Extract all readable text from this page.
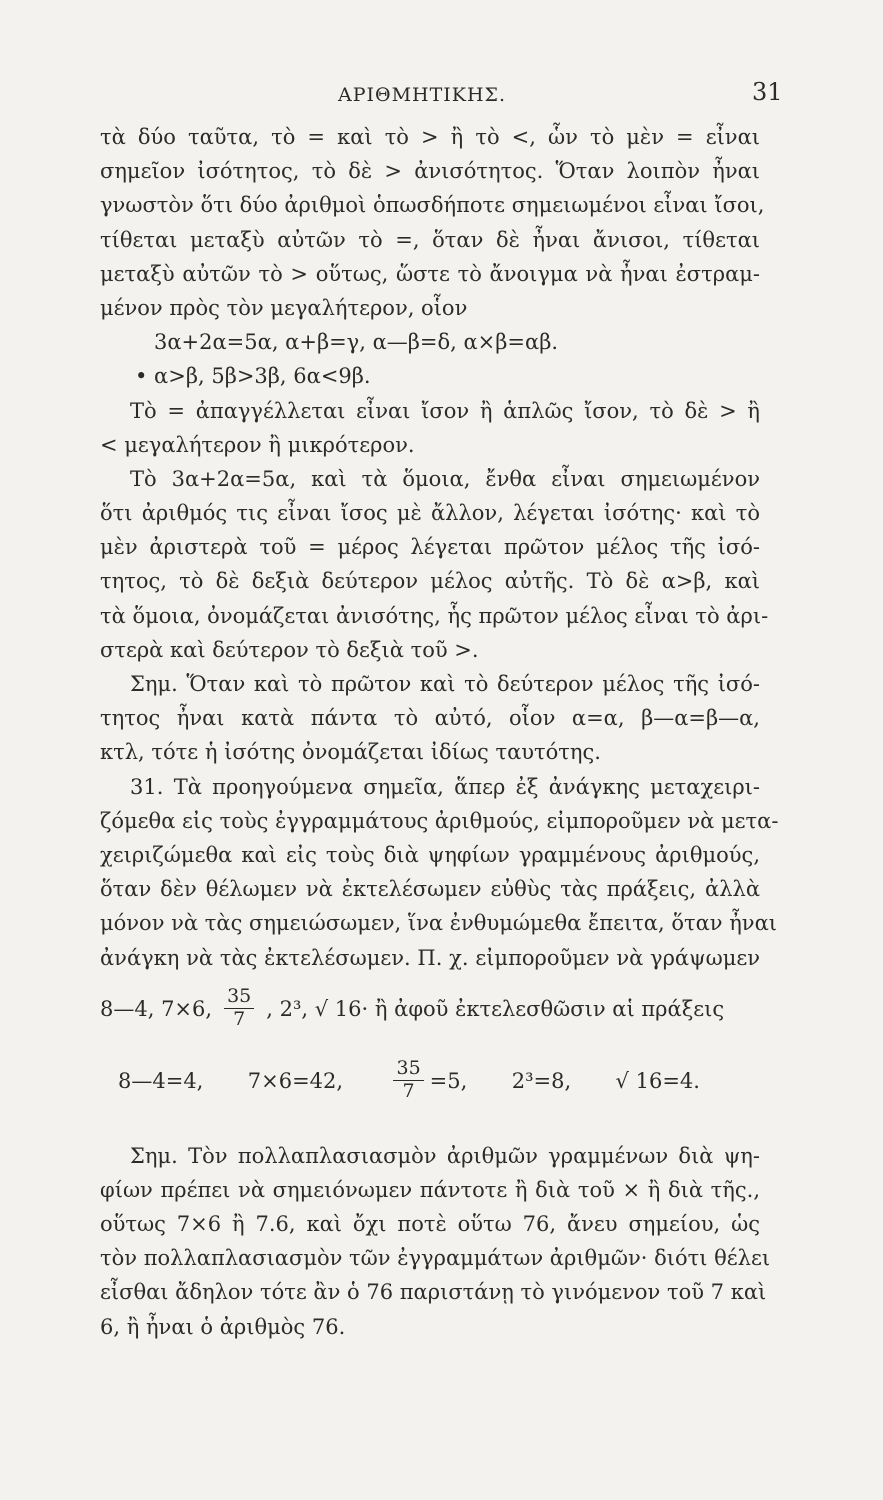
ΑΡΙΘΜΗΤΙΚΗΣ.	31
τὰ δύο ταῦτα, τὸ = καὶ τὸ > ἢ τὸ <, ὧν τὸ μὲν = εἶναι
σημεῖον ἰσότητος, τὸ δὲ > ἀνισότητος. Ὅταν λοιπὸν ἦναι
γνωστὸν ὅτι δύο ἀριθμοὶ ὁπωσδήποτε σημειωμένοι εἶναι ἴσοι,
τίθεται μεταξὺ αὐτῶν τὸ =, ὅταν δὲ ἦναι ἄνισοι, τίθεται
μεταξὺ αὐτῶν τὸ > οὕτως, ὥστε τὸ ἄνοιγμα νὰ ἦναι ἐστραμ-
μένον πρὸς τὸν μεγαλήτερον, οἷον
3α+2α=5α, α+β=γ, α—β=δ, α×β=αβ.
• α>β, 5β>3β, 6α<9β.
Τὸ = ἀπαγγέλλεται εἶναι ἴσον ἢ ἁπλῶς ἴσον, τὸ δὲ > ἢ
< μεγαλήτερον ἢ μικρότερον.
Τὸ 3α+2α=5α, καὶ τὰ ὅμοια, ἔνθα εἶναι σημειωμένον
ὅτι ἀριθμός τις εἶναι ἴσος μὲ ἄλλον, λέγεται ἰσότης· καὶ τὸ
μὲν ἀριστερὰ τοῦ = μέρος λέγεται πρῶτον μέλος τῆς ἰσό-
τητος, τὸ δὲ δεξιὰ δεύτερον μέλος αὐτῆς. Τὸ δὲ α>β, καὶ
τὰ ὅμοια, ὀνομάζεται ἀνισότης, ἧς πρῶτον μέλος εἶναι τὸ ἀρι-
στερὰ καὶ δεύτερον τὸ δεξιὰ τοῦ >.
Σημ. Ὅταν καὶ τὸ πρῶτον καὶ τὸ δεύτερον μέλος τῆς ἰσό-
τητος ἦναι κατὰ πάντα τὸ αὐτό, οἷον α=α, β—α=β—α,
κτλ, τότε ἡ ἰσότης ὀνομάζεται ἰδίως ταυτότης.
31. Τὰ προηγούμενα σημεῖα, ἅπερ ἐξ ἀνάγκης μεταχειρι-
ζόμεθα εἰς τοὺς ἐγγραμμάτους ἀριθμούς, εἰμποροῦμεν νὰ μετα-
χειριζώμεθα καὶ εἰς τοὺς διὰ ψηφίων γραμμένους ἀριθμούς,
ὅταν δὲν θέλωμεν νὰ ἐκτελέσωμεν εὐθὺς τὰς πράξεις, ἀλλὰ
μόνον νὰ τὰς σημειώσωμεν, ἵνα ἐνθυμώμεθα ἔπειτα, ὅταν ἦναι
ἀνάγκη νὰ τὰς ἐκτελέσωμεν. Π. χ. εἰμποροῦμεν νὰ γράψωμεν
8—4, 7×6, $\frac{35}{7}$ , 2³, √ 16· ἢ ἀφοῦ ἐκτελεσθῶσιν αἱ πράξεις
8—4=4, 7×6=42,	$\frac{35}{7} =5$, 2³=8, √ 16=4.
Σημ. Τὸν πολλαπλασιασμὸν ἀριθμῶν γραμμένων διὰ ψη-
φίων πρέπει νὰ σημειόνωμεν πάντοτε ἢ διὰ τοῦ × ἢ διὰ τῆς.,
οὕτως 7×6 ἢ 7.6, καὶ ὄχι ποτὲ οὕτω 76, ἄνευ σημείου, ὡς
τὸν πολλαπλασιασμὸν τῶν ἐγγραμμάτων ἀριθμῶν· διότι θέλει
εἶσθαι ἄδηλον τότε ἂν ὁ 76 παριστάνῃ τὸ γινόμενον τοῦ 7 καὶ
6, ἢ ἦναι ὁ ἀριθμὸς 76.
